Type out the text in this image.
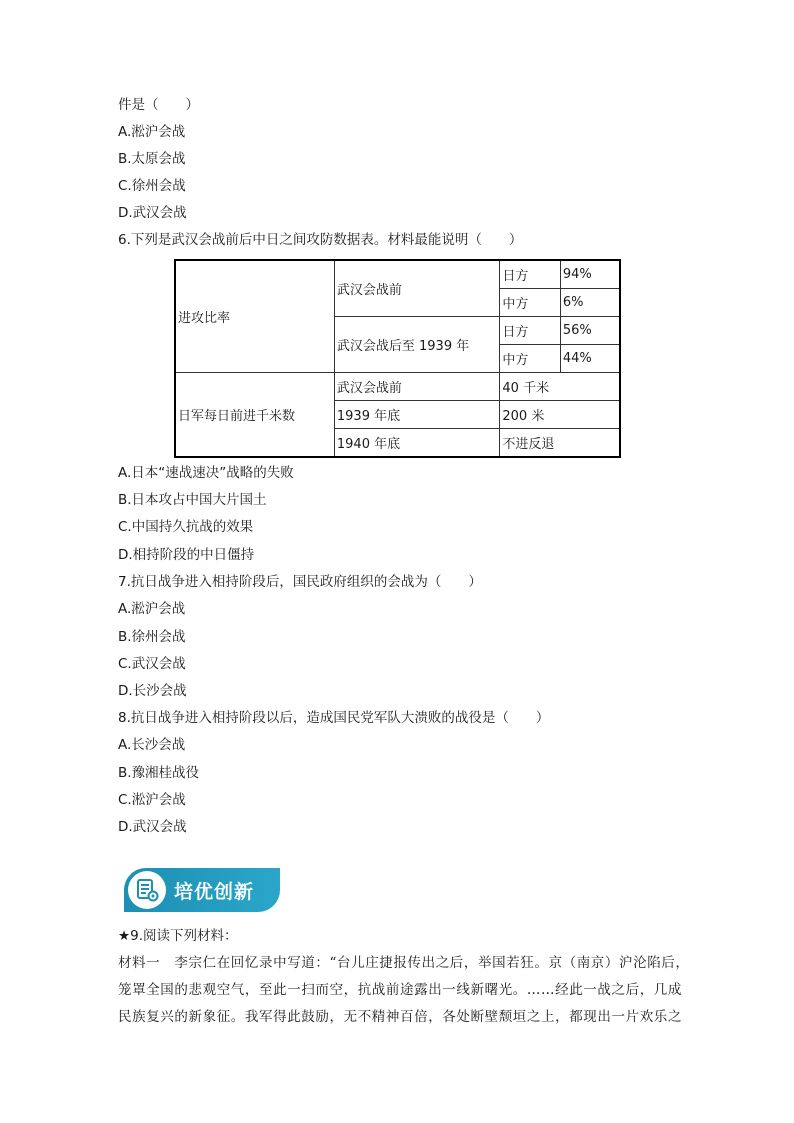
件是（　　）
A.淞沪会战
B.太原会战
C.徐州会战
D.武汉会战
6.下列是武汉会战前后中日之间攻防数据表。材料最能说明（　　）
进攻比率	武汉会战前	日方	94%
		中方	6%
	武汉会战后至 1939 年	日方	56%
		中方	44%
日军每日前进千米数	武汉会战前	40 千米	
	1939 年底	200 米	
	1940 年底	不进反退	
A.日本“速战速决”战略的失败
B.日本攻占中国大片国土
C.中国持久抗战的效果
D.相持阶段的中日僵持
7.抗日战争进入相持阶段后，国民政府组织的会战为（　　）
A.淞沪会战
B.徐州会战
C.武汉会战
D.长沙会战
8.抗日战争进入相持阶段以后，造成国民党军队大溃败的战役是（　　）
A.长沙会战
B.豫湘桂战役
C.淞沪会战
D.武汉会战
培优创新
★9.阅读下列材料：
材料一　李宗仁在回忆录中写道：“台儿庄捷报传出之后，举国若狂。京（南京）沪沦陷后，
笼罩全国的悲观空气，至此一扫而空，抗战前途露出一线新曙光。……经此一战之后，几成
民族复兴的新象征。我军得此鼓励，无不精神百倍，各处断壁颓垣之上，都现出一片欢乐之
